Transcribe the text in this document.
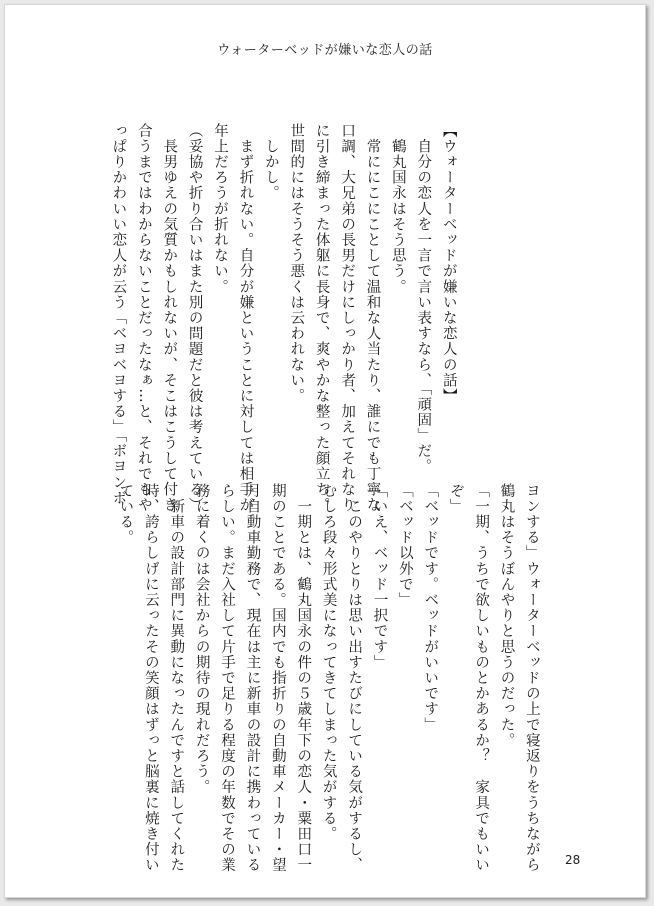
ウォーターベッドが嫌いな恋人の話

【ウォーターベッドが嫌いな恋人の話】

　自分の恋人を一言で言い表すなら、「頑固」だ。

　鶴丸国永はそう思う。

　常ににこにことして温和な人当たり、誰にでも丁寧な

口調、大兄弟の長男だけにしっかり者、加えてそれなり

に引き締まった体躯に長身で、爽やかな整った顔立ち。

世間的にはそうそう悪くは云われない。

　しかし。

　まず折れない。自分が嫌ということに対しては相手が

年上だろうが折れない。

（妥協や折り合いはまた別の問題だと彼は考えている）

　長男ゆえの気質かもしれないが、そこはこうして付き

合うまではわからないことだったなぁ…と、それでもや

っぱりかわいい恋人が云う「ベヨベヨする」「ボヨンボ

ヨンする」ウォーターベッドの上で寝返りをうちながら

鶴丸はそうぼんやりと思うのだった。

「一期、うちで欲しいものとかあるか？　家具でもいい

ぞ」

「ベッドです。ベッドがいいです」

「ベッド以外で」

「いえ、ベッド一択です」

　このやりとりは思い出すたびにしている気がするし、

むしろ段々形式美になってきてしまった気がする。

　一期とは、鶴丸国永の件の５歳年下の恋人・粟田口一

期のことである。国内でも指折りの自動車メーカー・望

月自動車勤務で、現在は主に新車の設計に携わっている

らしい。まだ入社して片手で足りる程度の年数でその業

務に着くのは会社からの期待の現れだろう。

　新車の設計部門に異動になったんですと話してくれた

時、誇らしげに云ったその笑顔はずっと脳裏に焼き付い

ている。

28
